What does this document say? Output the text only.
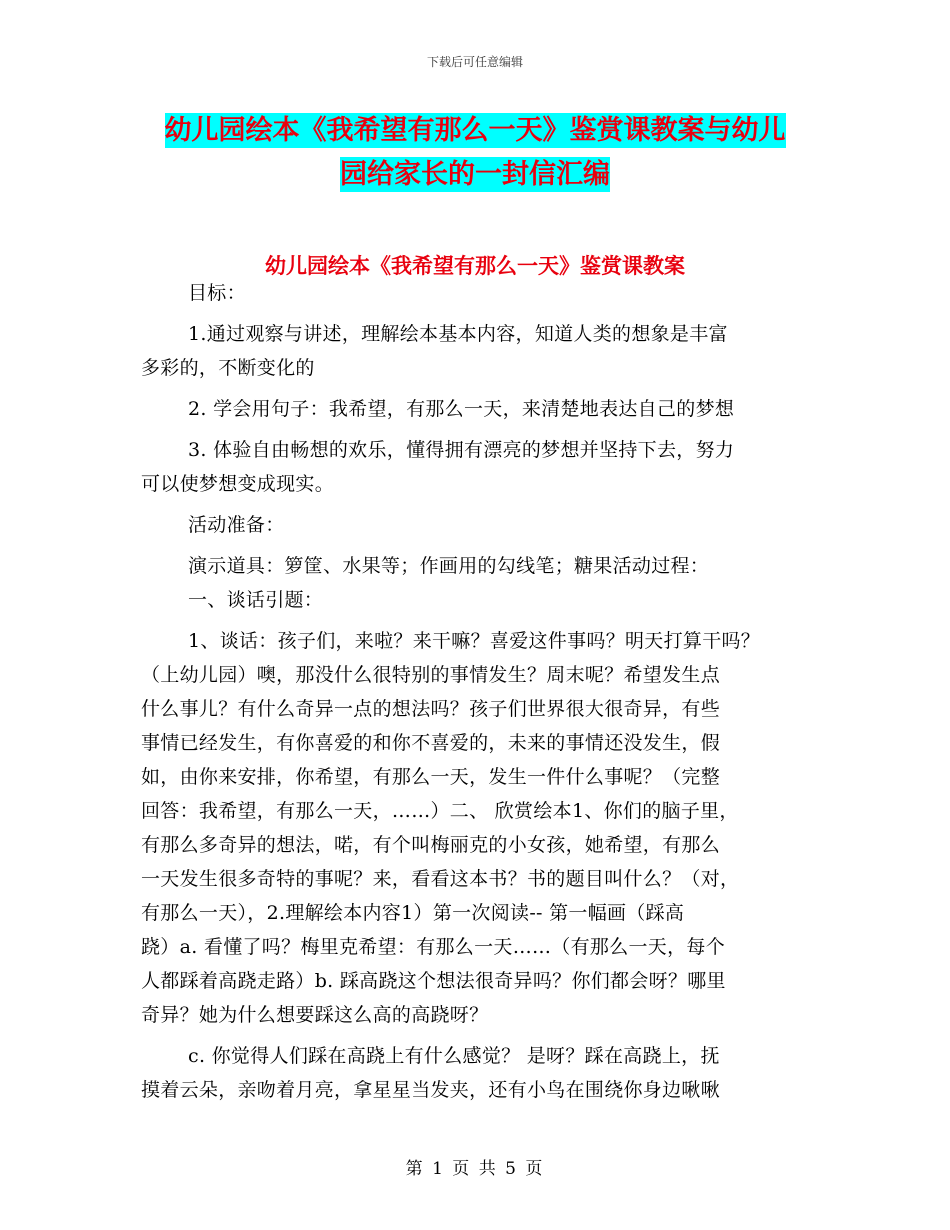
下载后可任意编辑
幼儿园绘本《我希望有那么一天》鉴赏课教案与幼儿
园给家长的一封信汇编
幼儿园绘本《我希望有那么一天》鉴赏课教案
目标：
1.通过观察与讲述，理解绘本基本内容，知道人类的想象是丰富
多彩的，不断变化的
2. 学会用句子：我希望，有那么一天，来清楚地表达自己的梦想
3. 体验自由畅想的欢乐，懂得拥有漂亮的梦想并坚持下去，努力
可以使梦想变成现实。
活动准备：
演示道具：箩筐、水果等；作画用的勾线笔；糖果活动过程：
一、谈话引题：
1、谈话：孩子们，来啦？来干嘛？喜爱这件事吗？明天打算干吗？
（上幼儿园）噢，那没什么很特别的事情发生？周末呢？希望发生点
什么事儿？有什么奇异一点的想法吗？孩子们世界很大很奇异，有些
事情已经发生，有你喜爱的和你不喜爱的，未来的事情还没发生，假
如，由你来安排，你希望，有那么一天，发生一件什么事呢？（完整
回答：我希望，有那么一天，……）二、 欣赏绘本1、你们的脑子里，
有那么多奇异的想法，喏，有个叫梅丽克的小女孩，她希望，有那么
一天发生很多奇特的事呢？来，看看这本书？书的题目叫什么？（对，
有那么一天），2.理解绘本内容1）第一次阅读-- 第一幅画（踩高
跷）a. 看懂了吗？梅里克希望：有那么一天……（有那么一天，每个
人都踩着高跷走路）b. 踩高跷这个想法很奇异吗？你们都会呀？哪里
奇异？她为什么想要踩这么高的高跷呀？
c. 你觉得人们踩在高跷上有什么感觉？ 是呀？踩在高跷上，抚
摸着云朵，亲吻着月亮，拿星星当发夹，还有小鸟在围绕你身边啾啾
第 1 页 共 5 页
